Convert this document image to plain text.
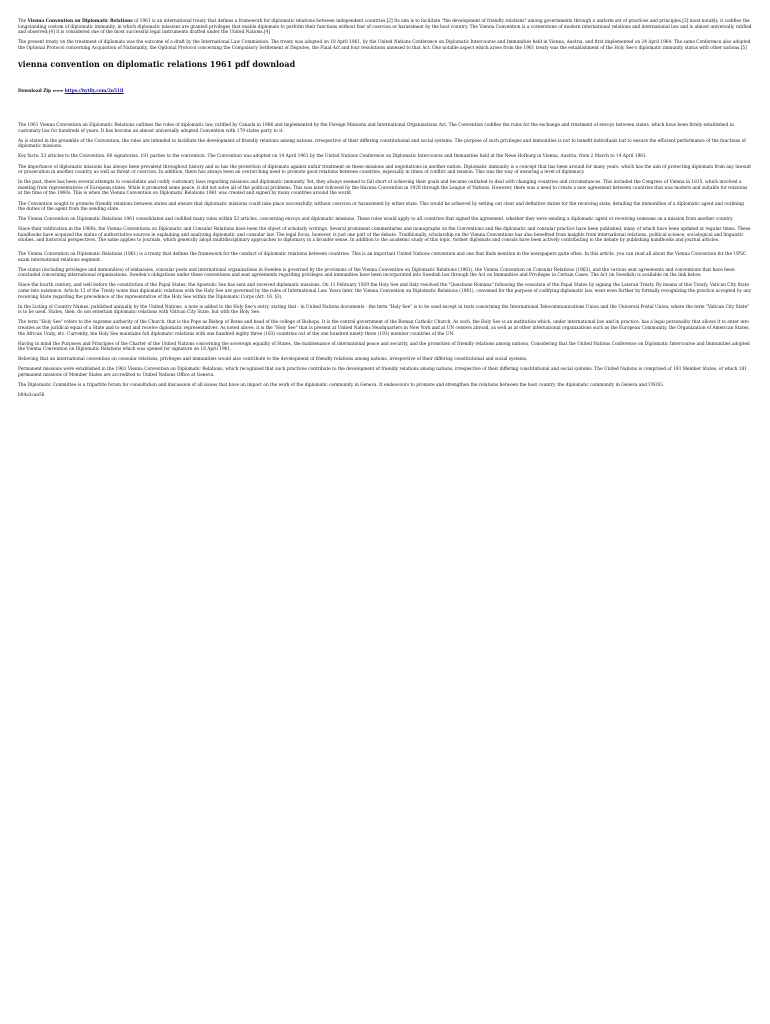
The Vienna Convention on Diplomatic Relations of 1961 is an international treaty that defines a framework for diplomatic relations between independent countries.[2] Its aim is to facilitate "the development of friendly relations" among governments through a uniform set of practices and principles;[3] most notably, it codifies the longstanding custom of diplomatic immunity, in which diplomatic missions are granted privileges that enable diplomats to perform their functions without fear of coercion or harassment by the host country. The Vienna Convention is a cornerstone of modern international relations and international law and is almost universally ratified and observed;[4] it is considered one of the most successful legal instruments drafted under the United Nations.[4]

The present treaty on the treatment of diplomats was the outcome of a draft by the International Law Commission. The treaty was adopted on 18 April 1961, by the United Nations Conference on Diplomatic Intercourse and Immunities held in Vienna, Austria, and first implemented on 24 April 1964. The same Conference also adopted the Optional Protocol concerning Acquisition of Nationality, the Optional Protocol concerning the Compulsory Settlement of Disputes, the Final Act and four resolutions annexed to that Act. One notable aspect which arose from the 1961 treaty was the establishment of the Holy See's diplomatic immunity status with other nations.[5]

vienna convention on diplomatic relations 1961 pdf download

Download Zip ⇔⇔⇔ https://bytlly.com/2n51lI

The 1961 Vienna Convention on Diplomatic Relations outlines the rules of diplomatic law, ratified by Canada in 1966 and implemented by the Foreign Missions and International Organizations Act. The Convention codifies the rules for the exchange and treatment of envoys between states, which have been firmly established in customary law for hundreds of years. It has become an almost universally adopted Convention with 179 states party to it.

As is stated in the preamble of the Convention, the rules are intended to facilitate the development of friendly relations among nations, irrespective of their differing constitutional and social systems. The purpose of such privileges and immunities is not to benefit individuals but to ensure the efficient performance of the functions of diplomatic missions.

Key facts: 53 articles to the Convention. 60 signatories. 191 parties to the convention. The Convention was adopted on 14 April 1961 by the United Nations Conference on Diplomatic Intercourse and Immunities held at the Neue Hofburg in Vienna, Austria, from 2 March to 14 April 1961.

The importance of diplomatic missions has always been prevalent throughout history and so has the protection of diplomats against unfair treatment on these missions and negotiations in another nation. Diplomatic immunity is a concept that has been around for many years, which has the aim of protecting diplomats from any lawsuit or prosecution in another country, as well as threat or coercion. In addition, there has always been an overarching need to promote good relations between countries, especially in times of conflict and tension. This was the way of ensuring a level of diplomacy.

In the past, there has been several attempts to consolidate and codify customary laws regarding missions and diplomatic immunity. Yet, they always seemed to fall short of achieving their goals and became outdated to deal with changing countries and circumstances. This included the Congress of Vienna in 1815, which involved a meeting from representatives of European states. While it promoted some peace, it did not solve all of the political problems. This was later followed by the Havana Convention in 1928 through the League of Nations. However, there was a need to create a new agreement between countries that was modern and suitable for relations at the time of the 1960s. This is when the Vienna Convention on Diplomatic Relations 1961 was created and signed by many countries around the world.

The Convention sought to promote friendly relations between states and ensure that diplomatic missions could take place successfully, without coercion or harassment by either state. This would be achieved by setting out clear and definitive duties for the receiving state, detailing the immunities of a diplomatic agent and outlining the duties of the agent from the sending state.

The Vienna Convention on Diplomatic Relations 1961 consolidated and codified many rules within 53 articles, concerning envoys and diplomatic missions. These rules would apply to all countries that signed the agreement, whether they were sending a diplomatic agent or receiving someone on a mission from another country.

Since their ratification in the 1960s, the Vienna Conventions on Diplomatic and Consular Relations have been the object of scholarly writings. Several prominent commentaries and monographs on the Conventions and the diplomatic and consular practice have been published, many of which have been updated at regular times. These handbooks have acquired the status of authoritative sources in explaining and analyzing diplomatic and consular law. The legal focus, however, is just one part of the debate. Traditionally, scholarship on the Vienna Conventions has also benefited from insights from international relations, political science, sociological and linguistic studies, and historical perspectives. The same applies to journals, which generally adopt multidisciplinary approaches to diplomacy in a broader sense. In addition to the academic study of this topic, former diplomats and consuls have been actively contributing to the debate by publishing handbooks and journal articles.

The Vienna Convention on Diplomatic Relations (1961) is a treaty that defines the framework for the conduct of diplomatic relations between countries. This is an important United Nations convention and one that finds mention in the newspapers quite often. In this article, you can read all about the Vienna Convention for the UPSC exam international relations segment.

The status (including privileges and immunities) of embassies, consular posts and international organizations in Sweden is governed by the provisions of the Vienna Convention on Diplomatic Relations (1961), the Vienna Convention on Consular Relations (1963), and the various seat agreements and conventions that have been concluded concerning international organisations. Sweden's obligations under these conventions and seat agreements regarding privileges and immunities have been incorporated into Swedish law through the Act on Immunities and Privileges in Certain Cases. The Act (in Swedish) is available on the link below.

Since the fourth century, and well before the constitution of the Papal States, the Apostolic See has sent and received diplomatic missions. On 11 February 1929 the Holy See and Italy resolved the "Questione Romana" following the cessation of the Papal States by signing the Lateran Treaty. By means of this Treaty, Vatican City State came into existence. Article 12 of the Treaty notes that diplomatic relations with the Holy See are governed by the rules of International Law. Years later, the Vienna Convention on Diplomatic Relations (1961), convened for the purpose of codifying diplomatic law, went even further by formally recognizing the practice accepted by any receiving State regarding the precedence of the representative of the Holy See within the Diplomatic Corps (Art. 16, §3).

In the Listing of Country Names, published annually by the United Nations, a note is added to the Holy See's entry, stating that - in United Nations documents - the term "Holy See" is to be used except in texts concerning the International Telecommunications Union and the Universal Postal Union, where the term "Vatican City State" is to be used. States, then, do not entertain diplomatic relations with Vatican City State, but with the Holy See.

The term "Holy See" refers to the supreme authority of the Church, that is the Pope as Bishop of Rome and head of the college of Bishops. It is the central government of the Roman Catholic Church. As such, the Holy See is an institution which, under international law and in practice, has a legal personality that allows it to enter into treaties as the juridical equal of a State and to send and receive diplomatic representatives. As noted above, it is the "Holy See" that is present at United Nations Headquarters in New York and at UN centers abroad, as well as at other international organizations such as the European Community, the Organization of American States, the African Unity, etc. Currently, the Holy See maintains full diplomatic relations with one hundred eighty three (183) countries out of the one hundred ninety-three (193) member countries of the UN.

Having in mind the Purposes and Principles of the Charter of the United Nations concerning the sovereign equality of States, the maintenance of international peace and security, and the promotion of friendly relations among nations, Considering that the United Nations Conference on Diplomatic Intercourse and Immunities adopted the Vienna Convention on Diplomatic Relations which was opened for signature on 18 April 1961,

Believing that an international convention on consular relations, privileges and immunities would also contribute to the development of friendly relations among nations, irrespective of their differing constitutional and social systems,

Permanent missions were established in the 1961 Vienna Convention on Diplomatic Relations, which recognized that such practices contribute to the development of friendly relations among nations, irrespective of their differing constitutional and social systems. The United Nations is comprised of 193 Member States, of which 181 permanent missions of Member States are accredited to United Nations Office at Geneva.

The Diplomatic Committee is a tripartite forum for consultation and discussion of all issues that have an impact on the work of the diplomatic community in Geneva. It endeavours to promote and strengthen the relations between the host country, the diplomatic community in Geneva and UNOG.

b84a3cae56
